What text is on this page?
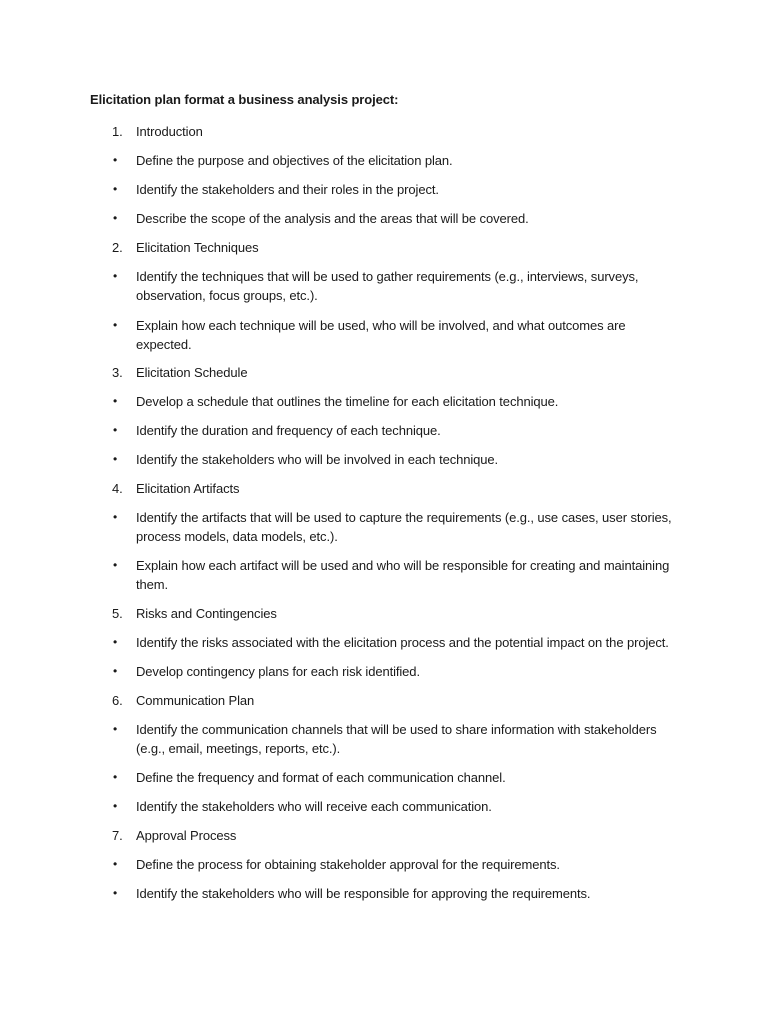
Elicitation plan format a business analysis project:
1.	Introduction
•	Define the purpose and objectives of the elicitation plan.
•	Identify the stakeholders and their roles in the project.
•	Describe the scope of the analysis and the areas that will be covered.
2.	Elicitation Techniques
•	Identify the techniques that will be used to gather requirements (e.g., interviews, surveys, observation, focus groups, etc.).
•	Explain how each technique will be used, who will be involved, and what outcomes are expected.
3.	Elicitation Schedule
•	Develop a schedule that outlines the timeline for each elicitation technique.
•	Identify the duration and frequency of each technique.
•	Identify the stakeholders who will be involved in each technique.
4.	Elicitation Artifacts
•	Identify the artifacts that will be used to capture the requirements (e.g., use cases, user stories, process models, data models, etc.).
•	Explain how each artifact will be used and who will be responsible for creating and maintaining them.
5.	Risks and Contingencies
•	Identify the risks associated with the elicitation process and the potential impact on the project.
•	Develop contingency plans for each risk identified.
6.	Communication Plan
•	Identify the communication channels that will be used to share information with stakeholders (e.g., email, meetings, reports, etc.).
•	Define the frequency and format of each communication channel.
•	Identify the stakeholders who will receive each communication.
7.	Approval Process
•	Define the process for obtaining stakeholder approval for the requirements.
•	Identify the stakeholders who will be responsible for approving the requirements.
